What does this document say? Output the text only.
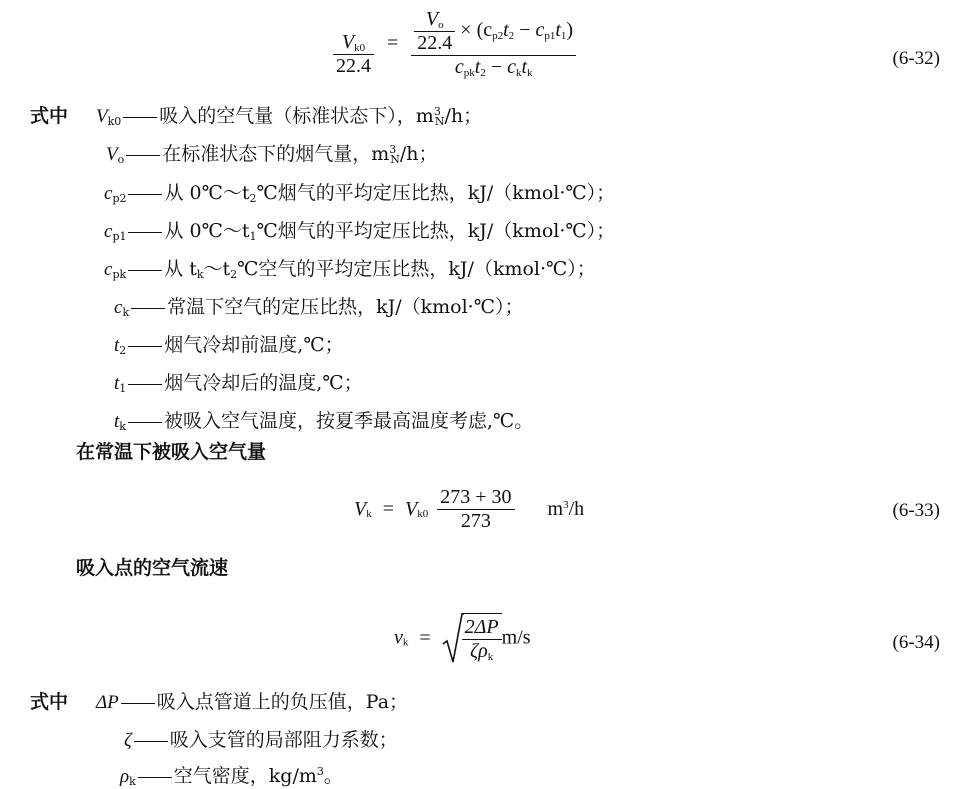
$\frac{V_{k0}}{22.4} = \frac{V_o}{22.4} \times (c_{p2}t_2 - c_{p1}t_1)$
$c_{pk}t_2 - c_kt_k$
(6-32)
式中 $V_{k0}$ 吸入的空气量（标准状态下），$m^3_N/h$；
$V_o$ 在标准状态下的烟气量，$m^3_N/h$；
$c_{p2}$ 从 $0℃\sim t_2℃$烟气的平均定压比热，kJ/（kmol·℃）；
$c_{p1}$ 从 $0℃\sim t_1℃$烟气的平均定压比热，kJ/（kmol·℃）；
$c_{pk}$ 从 $t_k\sim t_2℃$空气的平均定压比热，kJ/（kmol·℃）；
$c_k$ 常温下空气的定压比热，kJ/（kmol·℃）；
$t_2$ 烟气冷却前温度,℃；
$t_1$ 烟气冷却后的温度,℃；
$t_k$ 被吸入空气温度，按夏季最高温度考虑,℃。
在常温下被吸入空气量
$V_k = V_{k0} \frac{273 + 30}{273} m^3/h$	(6-33)
吸入点的空气流速
$v_k = \frac{2\Delta P}{\zeta\rho_k} m/s$	(6-34)
式中 ΔP 吸入点管道上的负压值，Pa；
ζ 吸入支管的局部阻力系数；
$\rho_k$ 空气密度，$kg/m^3$。
